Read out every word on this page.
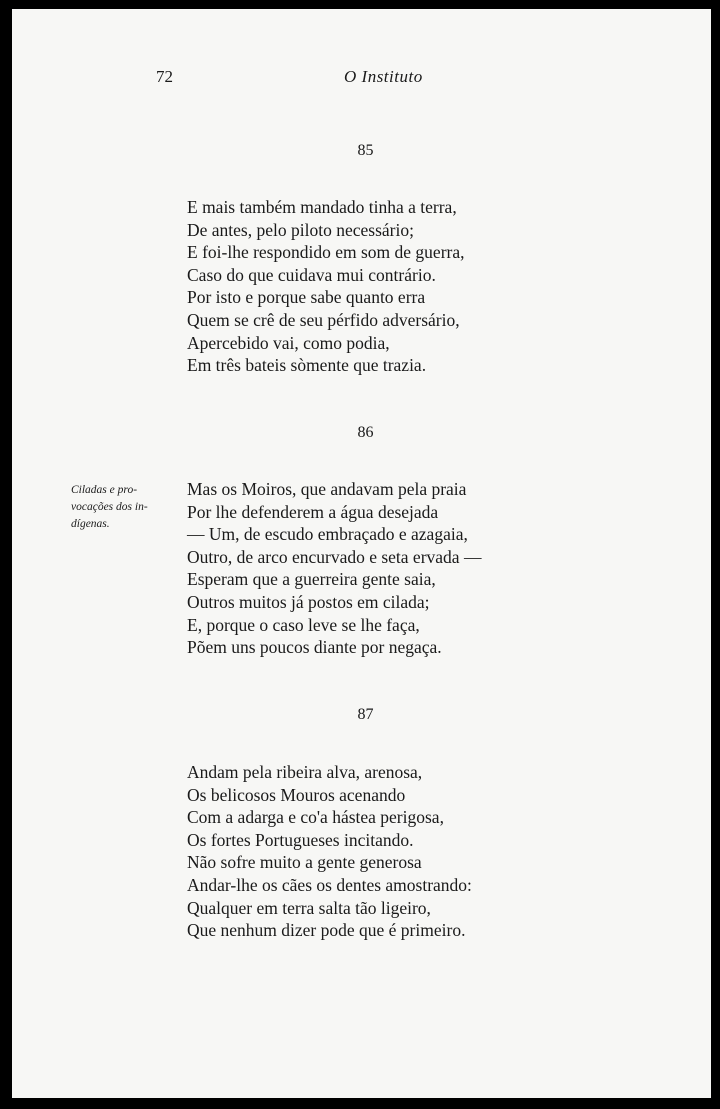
72	O Instituto
85
E mais também mandado tinha a terra,
De antes, pelo piloto necessário;
E foi-lhe respondido em som de guerra,
Caso do que cuidava mui contrário.
Por isto e porque sabe quanto erra
Quem se crê de seu pérfido adversário,
Apercebido vai, como podia,
Em três bateis sòmente que trazia.
86
Ciladas e pro-
vocações dos in-
dígenas.
Mas os Moiros, que andavam pela praia
Por lhe defenderem a água desejada
— Um, de escudo embraçado e azagaia,
Outro, de arco encurvado e seta ervada —
Esperam que a guerreira gente saia,
Outros muitos já postos em cilada;
E, porque o caso leve se lhe faça,
Põem uns poucos diante por negaça.
87
Andam pela ribeira alva, arenosa,
Os belicosos Mouros acenando
Com a adarga e co'a hástea perigosa,
Os fortes Portugueses incitando.
Não sofre muito a gente generosa
Andar-lhe os cães os dentes amostrando:
Qualquer em terra salta tão ligeiro,
Que nenhum dizer pode que é primeiro.
